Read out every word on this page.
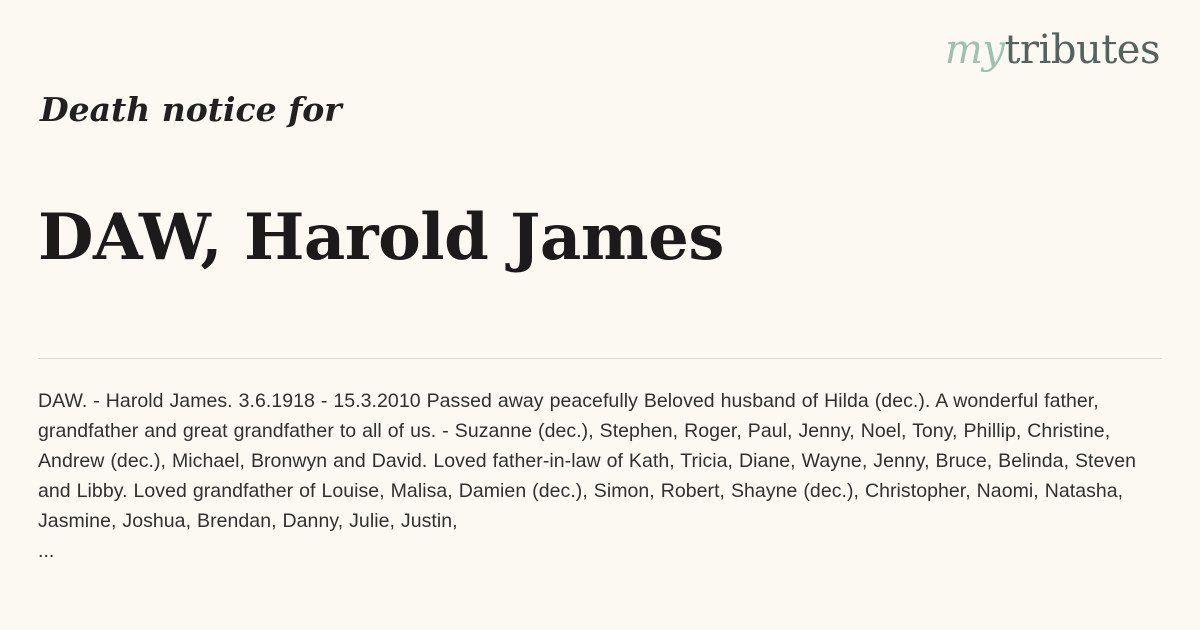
mytributes
Death notice for
DAW, Harold James
DAW. - Harold James. 3.6.1918 - 15.3.2010 Passed away peacefully Beloved husband of Hilda (dec.). A wonderful father, grandfather and great grandfather to all of us. - Suzanne (dec.), Stephen, Roger, Paul, Jenny, Noel, Tony, Phillip, Christine, Andrew (dec.), Michael, Bronwyn and David. Loved father-in-law of Kath, Tricia, Diane, Wayne, Jenny, Bruce, Belinda, Steven and Libby. Loved grandfather of Louise, Malisa, Damien (dec.), Simon, Robert, Shayne (dec.), Christopher, Naomi, Natasha, Jasmine, Joshua, Brendan, Danny, Julie, Justin,
...
